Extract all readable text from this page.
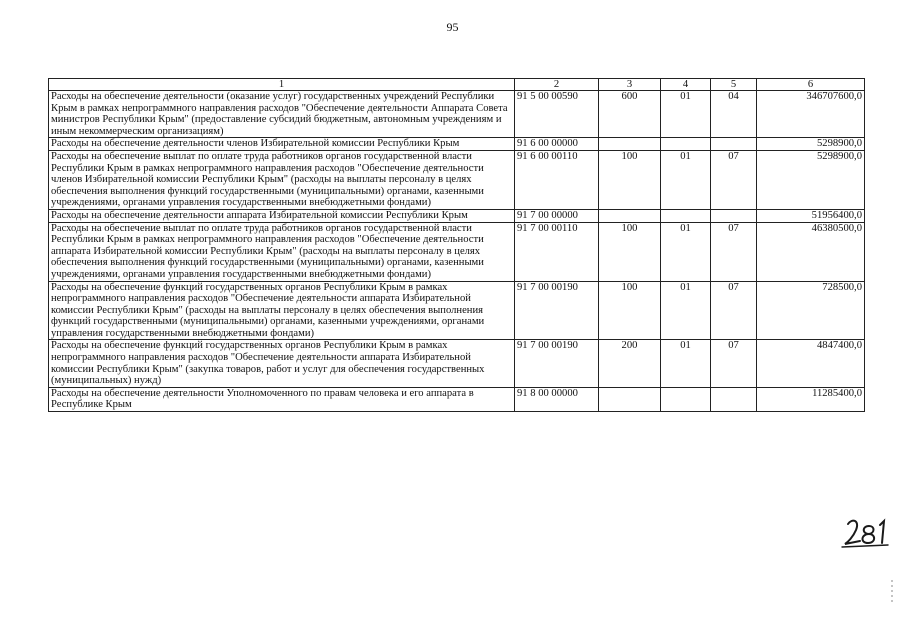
95
1	2	3	4	5	6
Расходы на обеспечение деятельности (оказание услуг) государственных учреждений Республики Крым в рамках непрограммного направления расходов "Обеспечение деятельности Аппарата Совета министров Республики Крым" (предоставление субсидий бюджетным, автономным учреждениям и иным некоммерческим организациям)	91 5 00 00590	600	01	04	346707600,0
Расходы на обеспечение деятельности членов Избирательной комиссии Республики Крым	91 6 00 00000				5298900,0
Расходы на обеспечение выплат по оплате труда работников органов государственной власти Республики Крым в рамках непрограммного направления расходов "Обеспечение деятельности членов Избирательной комиссии Республики Крым" (расходы на выплаты персоналу в целях обеспечения выполнения функций государственными (муниципальными) органами, казенными учреждениями, органами управления государственными внебюджетными фондами)	91 6 00 00110	100	01	07	5298900,0
Расходы на обеспечение деятельности аппарата Избирательной комиссии Республики Крым	91 7 00 00000				51956400,0
Расходы на обеспечение выплат по оплате труда работников органов государственной власти Республики Крым в рамках непрограммного направления расходов "Обеспечение деятельности аппарата Избирательной комиссии Республики Крым" (расходы на выплаты персоналу в целях обеспечения выполнения функций государственными (муниципальными) органами, казенными учреждениями, органами управления государственными внебюджетными фондами)	91 7 00 00110	100	01	07	46380500,0
Расходы на обеспечение функций государственных органов Республики Крым в рамках непрограммного направления расходов "Обеспечение деятельности аппарата Избирательной комиссии Республики Крым" (расходы на выплаты персоналу в целях обеспечения выполнения функций государственными (муниципальными) органами, казенными учреждениями, органами управления государственными внебюджетными фондами)	91 7 00 00190	100	01	07	728500,0
Расходы на обеспечение функций государственных органов Республики Крым в рамках непрограммного направления расходов "Обеспечение деятельности аппарата Избирательной комиссии Республики Крым" (закупка товаров, работ и услуг для обеспечения государственных (муниципальных) нужд)	91 7 00 00190	200	01	07	4847400,0
Расходы на обеспечение деятельности Уполномоченного по правам человека и его аппарата в Республике Крым	91 8 00 00000				11285400,0
